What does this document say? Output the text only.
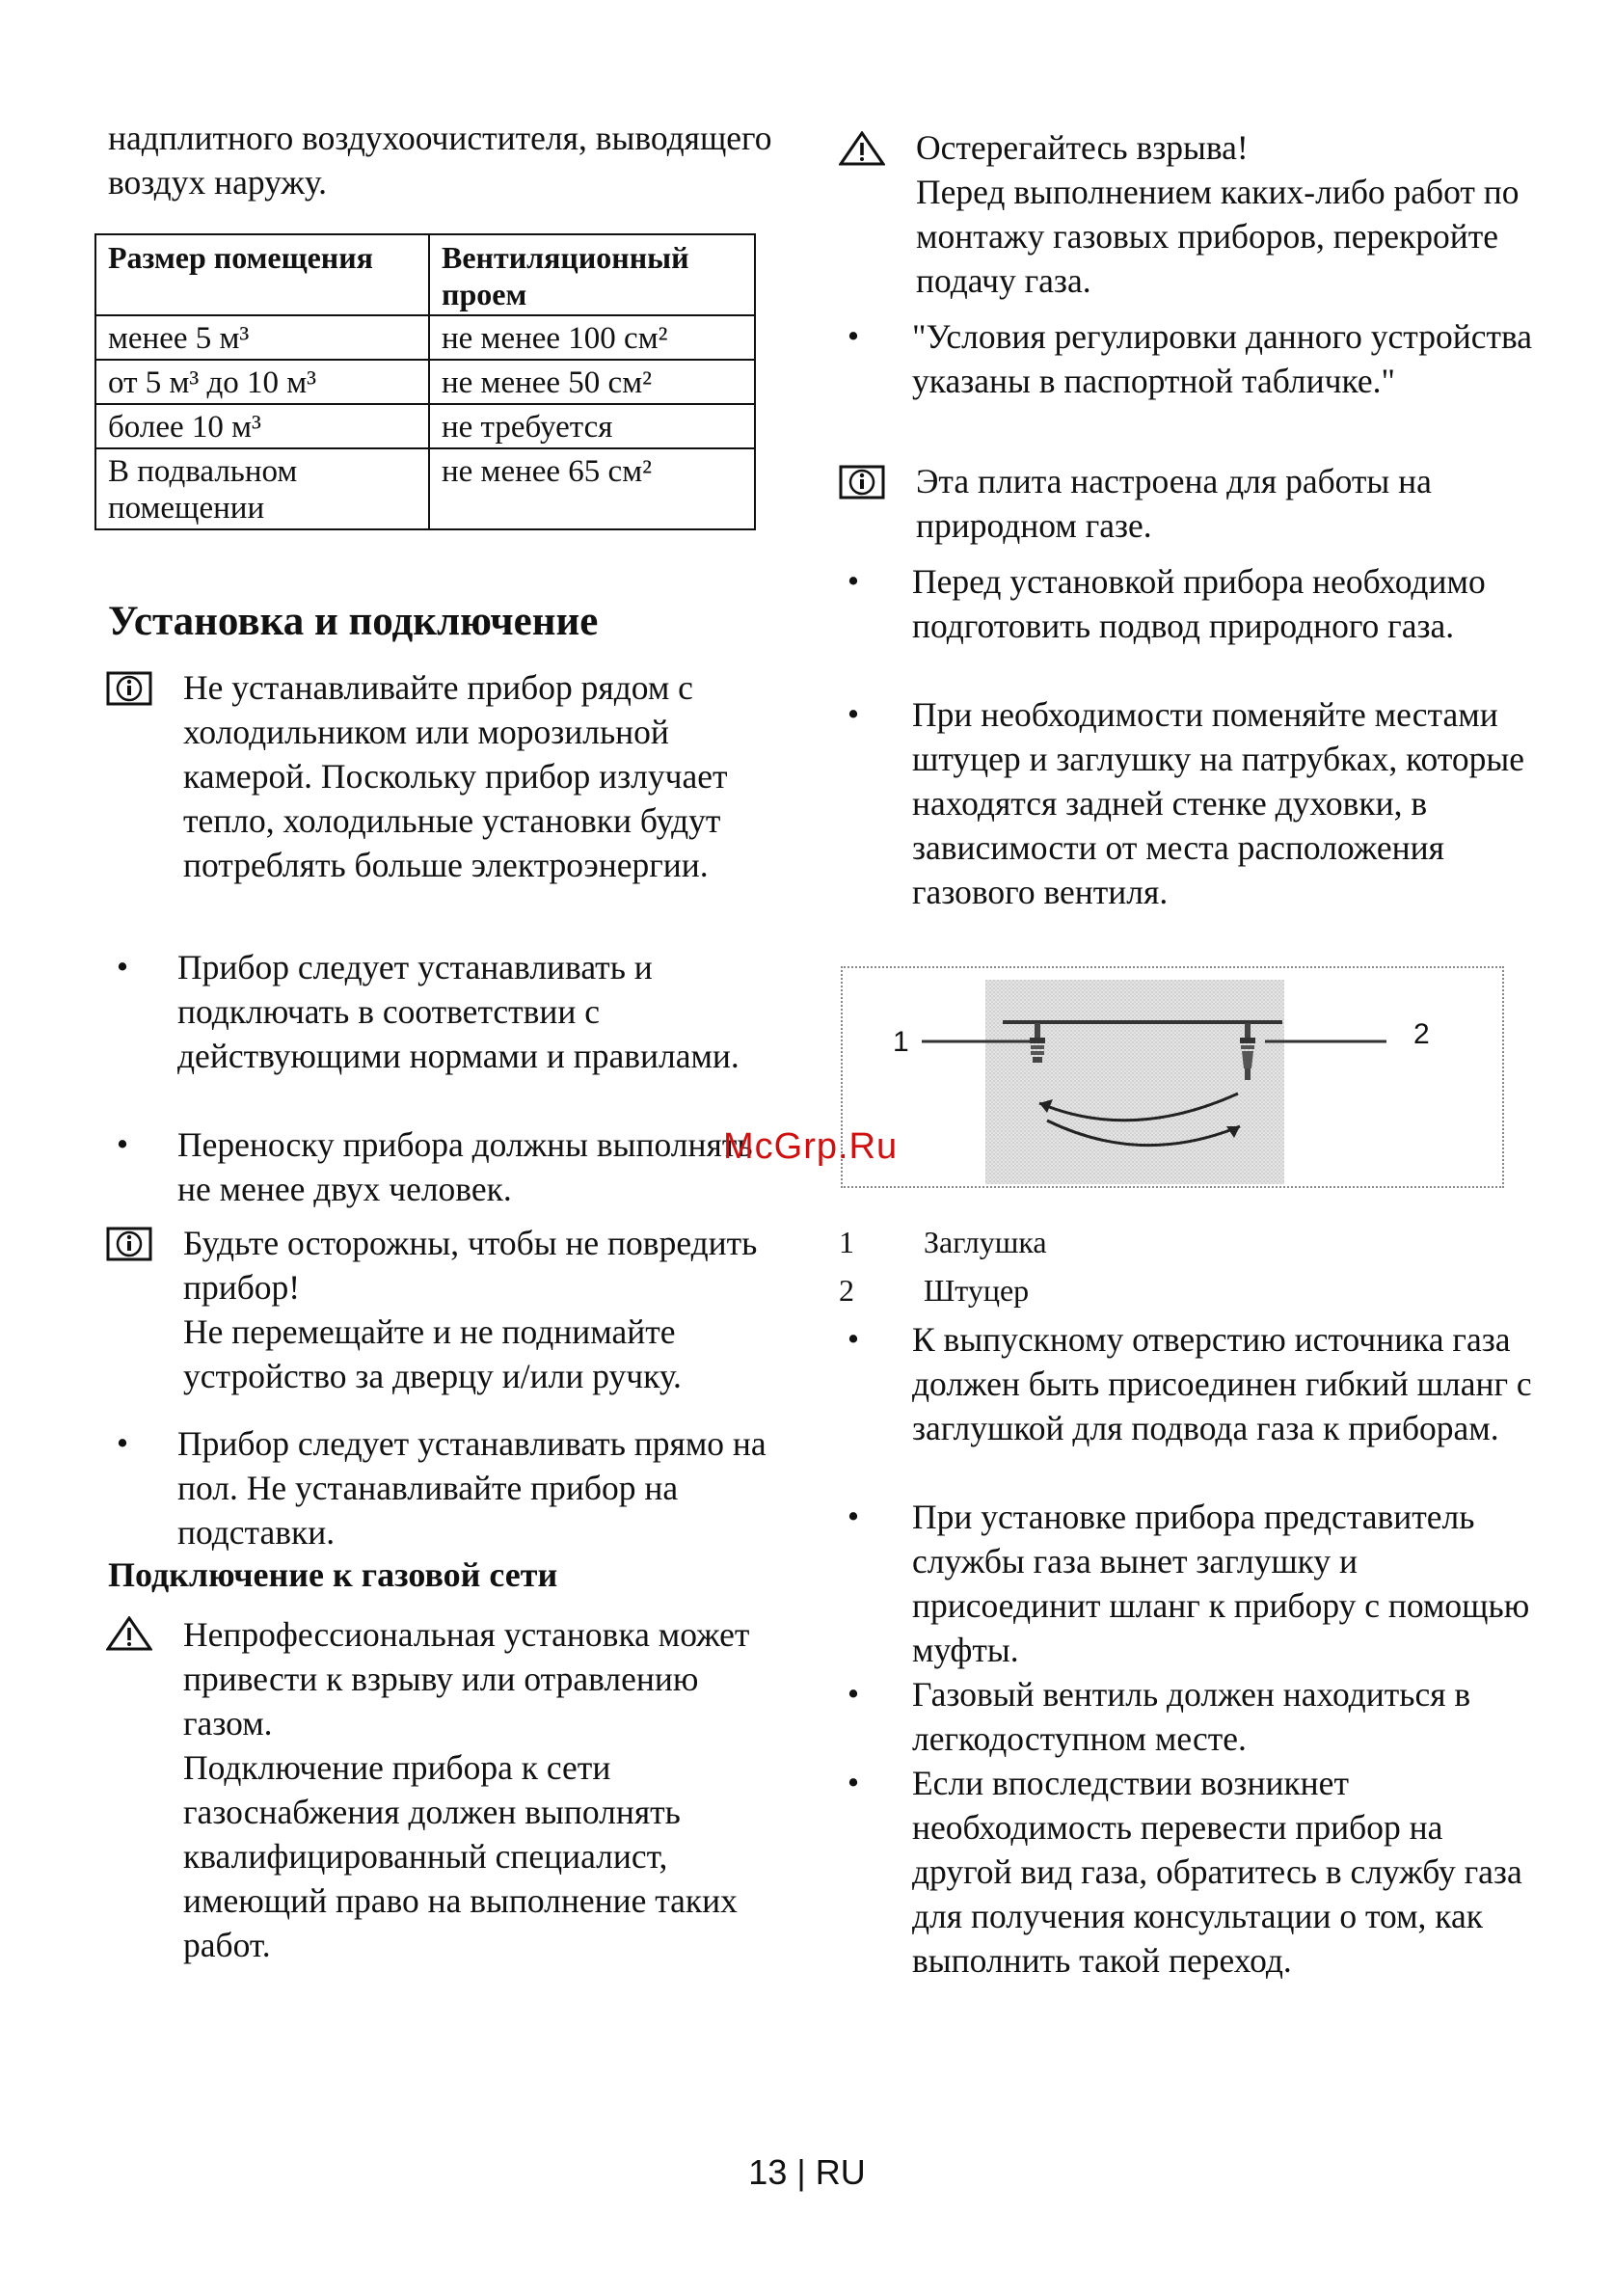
надплитного воздухоочистителя, выводящего воздух наружу.

Размер помещения	Вентиляционный проем
менее 5 м³	не менее 100 см²
от 5 м³ до 10 м³	не менее 50 см²
более 10 м³	не требуется
В подвальном помещении	не менее 65 см²
Установка и подключение

Не устанавливайте прибор рядом с холодильником или морозильной камерой. Поскольку прибор излучает тепло, холодильные установки будут потреблять больше электроэнергии.

• Прибор следует устанавливать и подключать в соответствии с действующими нормами и правилами.

• Переноску прибора должны выполнять не менее двух человек.

Будьте осторожны, чтобы не повредить прибор!

Не перемещайте и не поднимайте устройство за дверцу и/или ручку.

• Прибор следует устанавливать прямо на пол. Не устанавливайте прибор на подставки.

Подключение к газовой сети

Непрофессиональная установка может привести к взрыву или отравлению газом.

Подключение прибора к сети газоснабжения должен выполнять квалифицированный специалист, имеющий право на выполнение таких работ.

Остерегайтесь взрыва!

Перед выполнением каких-либо работ по монтажу газовых приборов, перекройте подачу газа.

• "Условия регулировки данного устройства указаны в паспортной табличке."

Эта плита настроена для работы на природном газе.

• Перед установкой прибора необходимо подготовить подвод природного газа.

• При необходимости поменяйте местами штуцер и заглушку на патрубках, которые находятся задней стенке духовки, в зависимости от места расположения газового вентиля.

1	2
1 Заглушка
2 Штуцер
• К выпускному отверстию источника газа должен быть присоединен гибкий шланг с заглушкой для подвода газа к приборам.

• При установке прибора представитель службы газа вынет заглушку и присоединит шланг к прибору с помощью муфты.

• Газовый вентиль должен находиться в легкодоступном месте.

• Если впоследствии возникнет необходимость перевести прибор на другой вид газа, обратитесь в службу газа для получения консультации о том, как выполнить такой переход.

McGrp.Ru
13 | RU
